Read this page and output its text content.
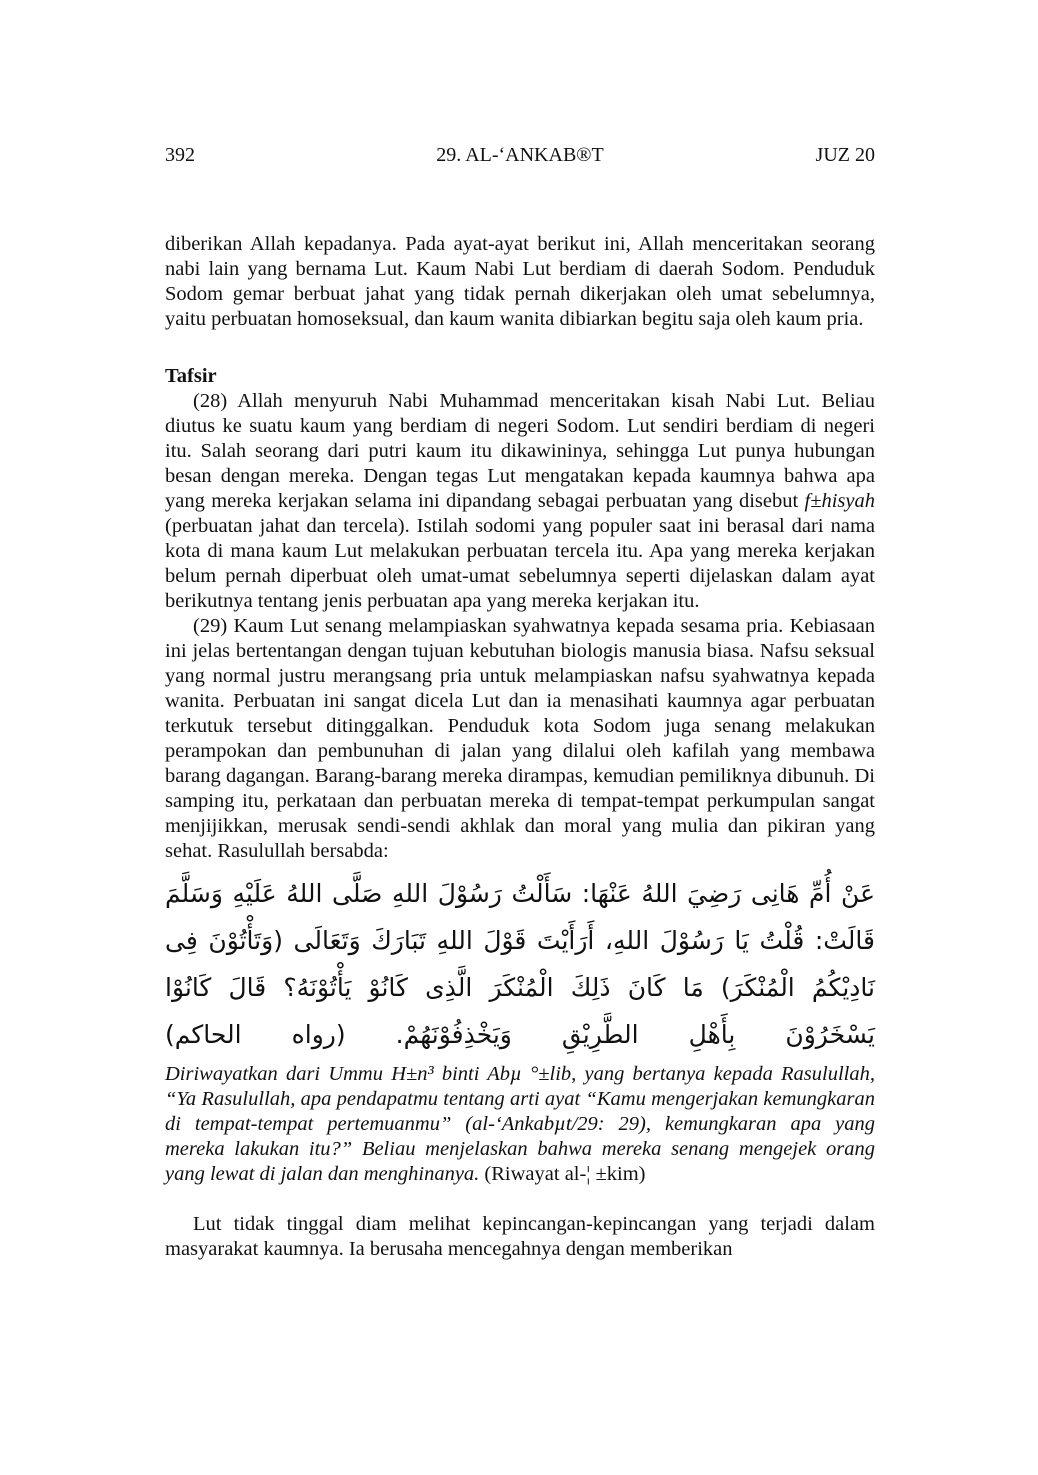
392	29. AL-‘ANKAB®T	JUZ 20

diberikan Allah kepadanya. Pada ayat-ayat berikut ini, Allah menceritakan seorang nabi lain yang bernama Lut. Kaum Nabi Lut berdiam di daerah Sodom. Penduduk Sodom gemar berbuat jahat yang tidak pernah dikerjakan oleh umat sebelumnya, yaitu perbuatan homoseksual, dan kaum wanita dibiarkan begitu saja oleh kaum pria.

Tafsir

(28) Allah menyuruh Nabi Muhammad menceritakan kisah Nabi Lut. Beliau diutus ke suatu kaum yang berdiam di negeri Sodom. Lut sendiri berdiam di negeri itu. Salah seorang dari putri kaum itu dikawininya, sehingga Lut punya hubungan besan dengan mereka. Dengan tegas Lut mengatakan kepada kaumnya bahwa apa yang mereka kerjakan selama ini dipandang sebagai perbuatan yang disebut f±hisyah (perbuatan jahat dan tercela). Istilah sodomi yang populer saat ini berasal dari nama kota di mana kaum Lut melakukan perbuatan tercela itu. Apa yang mereka kerjakan belum pernah diperbuat oleh umat-umat sebelumnya seperti dijelaskan dalam ayat berikutnya tentang jenis perbuatan apa yang mereka kerjakan itu.

(29) Kaum Lut senang melampiaskan syahwatnya kepada sesama pria. Kebiasaan ini jelas bertentangan dengan tujuan kebutuhan biologis manusia biasa. Nafsu seksual yang normal justru merangsang pria untuk melampiaskan nafsu syahwatnya kepada wanita. Perbuatan ini sangat dicela Lut dan ia menasihati kaumnya agar perbuatan terkutuk tersebut ditinggalkan. Penduduk kota Sodom juga senang melakukan perampokan dan pembunuhan di jalan yang dilalui oleh kafilah yang membawa barang dagangan. Barang-barang mereka dirampas, kemudian pemiliknya dibunuh. Di samping itu, perkataan dan perbuatan mereka di tempat-tempat perkumpulan sangat menjijikkan, merusak sendi-sendi akhlak dan moral yang mulia dan pikiran yang sehat. Rasulullah bersabda:

عَنْ أُمِّ هَانِى رَضِيَ اللهُ عَنْهَا: سَأَلْتُ رَسُوْلَ اللهِ صَلَّى اللهُ عَلَيْهِ وَسَلَّمَ قَالَتْ: قُلْتُ يَا رَسُوْلَ اللهِ، أَرَأَيْتَ قَوْلَ اللهِ تَبَارَكَ وَتَعَالَى (وَتَأْتُوْنَ فِى نَادِيْكُمُ الْمُنْكَرَ) مَا كَانَ ذَلِكَ الْمُنْكَرَ الَّذِى كَانُوْ يَأْتُوْنَهُ؟ قَالَ كَانُوْا يَسْخَرُوْنَ بِأَهْلِ الطَّرِيْقِ وَيَخْذِفُوْنَهُمْ. (رواه الحاكم)

Diriwayatkan dari Ummu H±n³ binti Abµ °±lib, yang bertanya kepada Rasulullah, “Ya Rasulullah, apa pendapatmu tentang arti ayat “Kamu mengerjakan kemungkaran di tempat-tempat pertemuanmu” (al-‘Ankabµt/29: 29), kemungkaran apa yang mereka lakukan itu?” Beliau menjelaskan bahwa mereka senang mengejek orang yang lewat di jalan dan menghinanya. (Riwayat al-¦ ±kim)

Lut tidak tinggal diam melihat kepincangan-kepincangan yang terjadi dalam masyarakat kaumnya. Ia berusaha mencegahnya dengan memberikan
